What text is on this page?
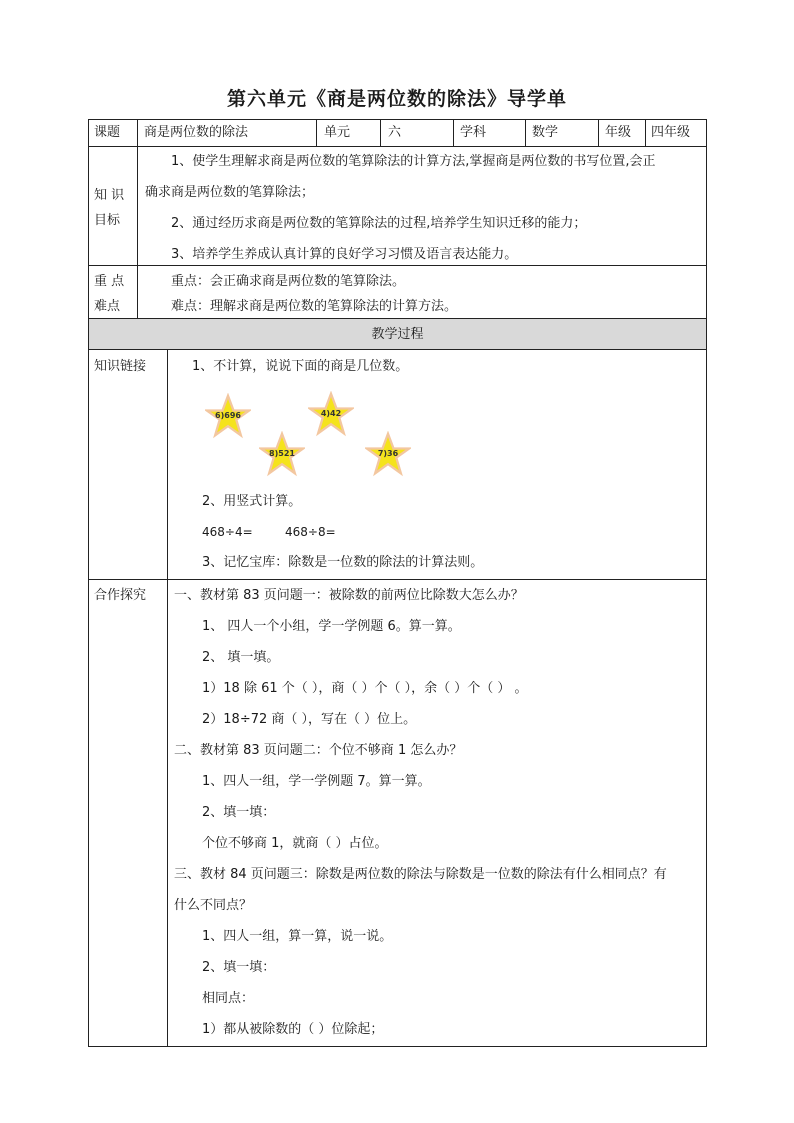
第六单元《商是两位数的除法》导学单
课题 商是两位数的除法	单元	六	学科	数学	年级 四年级
知 识
目标
1、使学生理解求商是两位数的笔算除法的计算方法,掌握商是两位数的书写位置,会正
确求商是两位数的笔算除法；
2、通过经历求商是两位数的笔算除法的过程,培养学生知识迁移的能力；
3、培养学生养成认真计算的良好学习习惯及语言表达能力。
重 点
难点
重点：会正确求商是两位数的笔算除法。
难点：理解求商是两位数的笔算除法的计算方法。
教学过程
知识链接	1、不计算，说说下面的商是几位数。
6)696	4)42
8)521	7)36
2、用竖式计算。
468÷4=	468÷8=
3、记忆宝库：除数是一位数的除法的计算法则。
合作探究 一、教材第 83 页问题一：被除数的前两位比除数大怎么办？
1、 四人一个小组，学一学例题 6。算一算。
2、 填一填。
1）18 除 61 个（ ），商（ ）个（ ），余（ ）个（ ） 。
2）18÷72 商（ ），写在（ ）位上。
二、教材第 83 页问题二：个位不够商 1 怎么办？
1、四人一组，学一学例题 7。算一算。
2、填一填：
个位不够商 1，就商（ ）占位。
三、教材 84 页问题三：除数是两位数的除法与除数是一位数的除法有什么相同点？有
什么不同点？
1、四人一组，算一算，说一说。
2、填一填：
相同点：
1）都从被除数的（ ）位除起；
